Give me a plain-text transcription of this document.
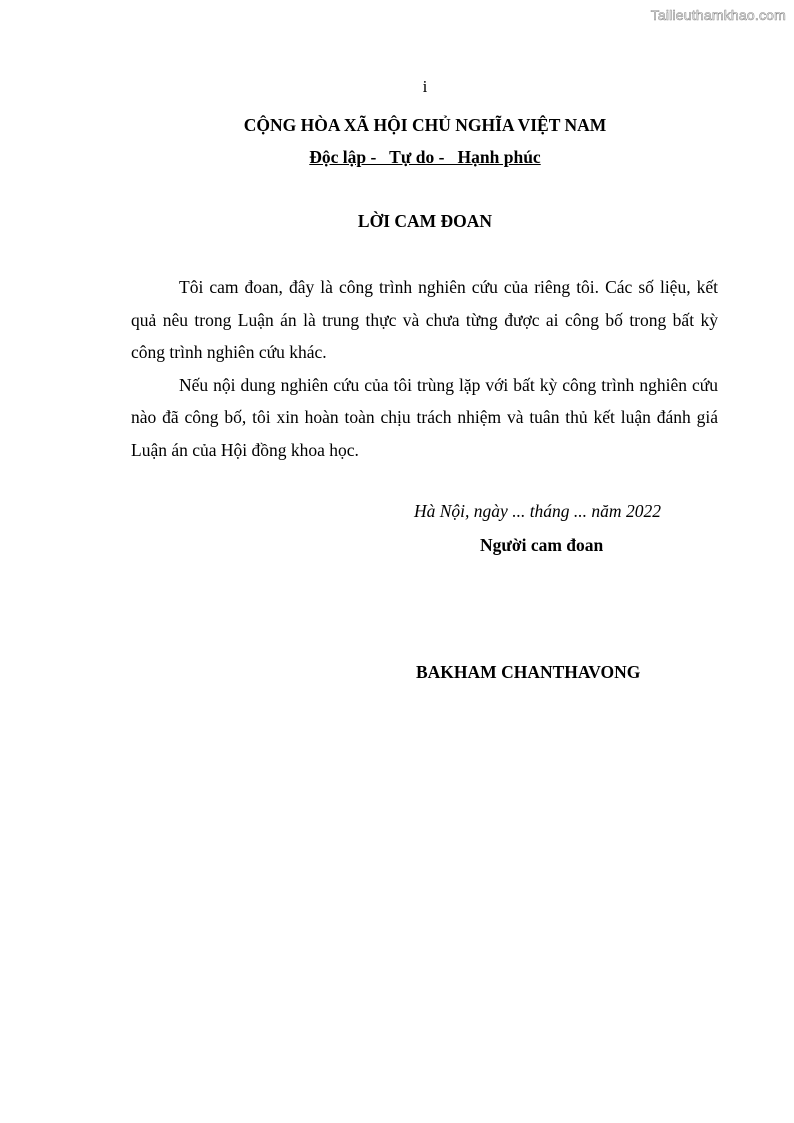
Tailieuthamkhao.com
i
CỘNG HÒA XÃ HỘI CHỦ NGHĨA VIỆT NAM
Độc lập -   Tự do -   Hạnh phúc
LỜI CAM ĐOAN

Tôi cam đoan, đây là công trình nghiên cứu của riêng tôi. Các số liệu, kết quả nêu trong Luận án là trung thực và chưa từng được ai công bố trong bất kỳ công trình nghiên cứu khác.

Nếu nội dung nghiên cứu của tôi trùng lặp với bất kỳ công trình nghiên cứu nào đã công bố, tôi xin hoàn toàn chịu trách nhiệm và tuân thủ kết luận đánh giá Luận án của Hội đồng khoa học.

Hà Nội, ngày ... tháng ... năm 2022
Người cam đoan
BAKHAM CHANTHAVONG
